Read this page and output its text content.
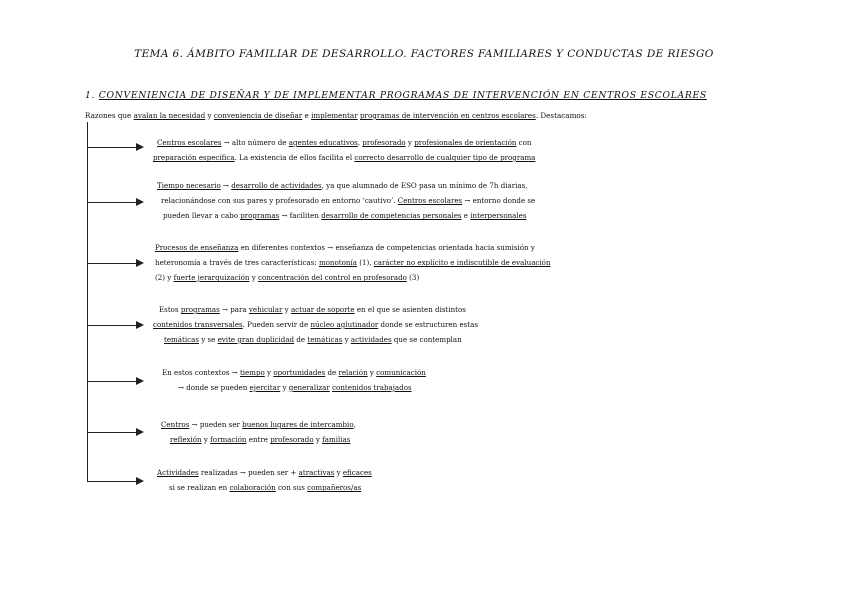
TEMA 6. ÁMBITO FAMILIAR DE DESARROLLO. FACTORES FAMILIARES Y CONDUCTAS DE RIESGO
1. CONVENIENCIA DE DISEÑAR Y DE IMPLEMENTAR PROGRAMAS DE INTERVENCIÓN EN CENTROS ESCOLARES
Razones que avalan la necesidad y conveniencia de diseñar e implementar programas de intervención en centros escolares. Destacamos:
Centros escolares → alto número de agentes educativos, profesorado y profesionales de orientación con
preparación específica. La existencia de ellos facilita el correcto desarrollo de cualquier tipo de programa
Tiempo necesario → desarrollo de actividades, ya que alumnado de ESO pasa un mínimo de 7h diarias,
relacionándose con sus pares y profesorado en entorno ‘cautivo’. Centros escolares → entorno donde se
pueden llevar a cabo programas → faciliten desarrollo de competencias personales e interpersonales
Procesos de enseñanza en diferentes contextos → enseñanza de competencias orientada hacia sumisión y
heteronomía a través de tres características: monotonía (1), carácter no explícito e indiscutible de evaluación
(2) y fuerte jerarquización y concentración del control en profesorado (3)
Estos programas → para vehicular y actuar de soporte en el que se asienten distintos
contenidos transversales. Pueden servir de núcleo aglutinador donde se estructuren estas
temáticas y se evite gran duplicidad de temáticas y actividades que se contemplan
En estos contextos → tiempo y oportunidades de relación y comunicación
→ donde se pueden ejercitar y generalizar contenidos trabajados
Centros → pueden ser buenos lugares de intercambio,
reflexión y formación entre profesorado y familias
Actividades realizadas → pueden ser + atractivas y eficaces
si se realizan en colaboración con sus compañeros/as
